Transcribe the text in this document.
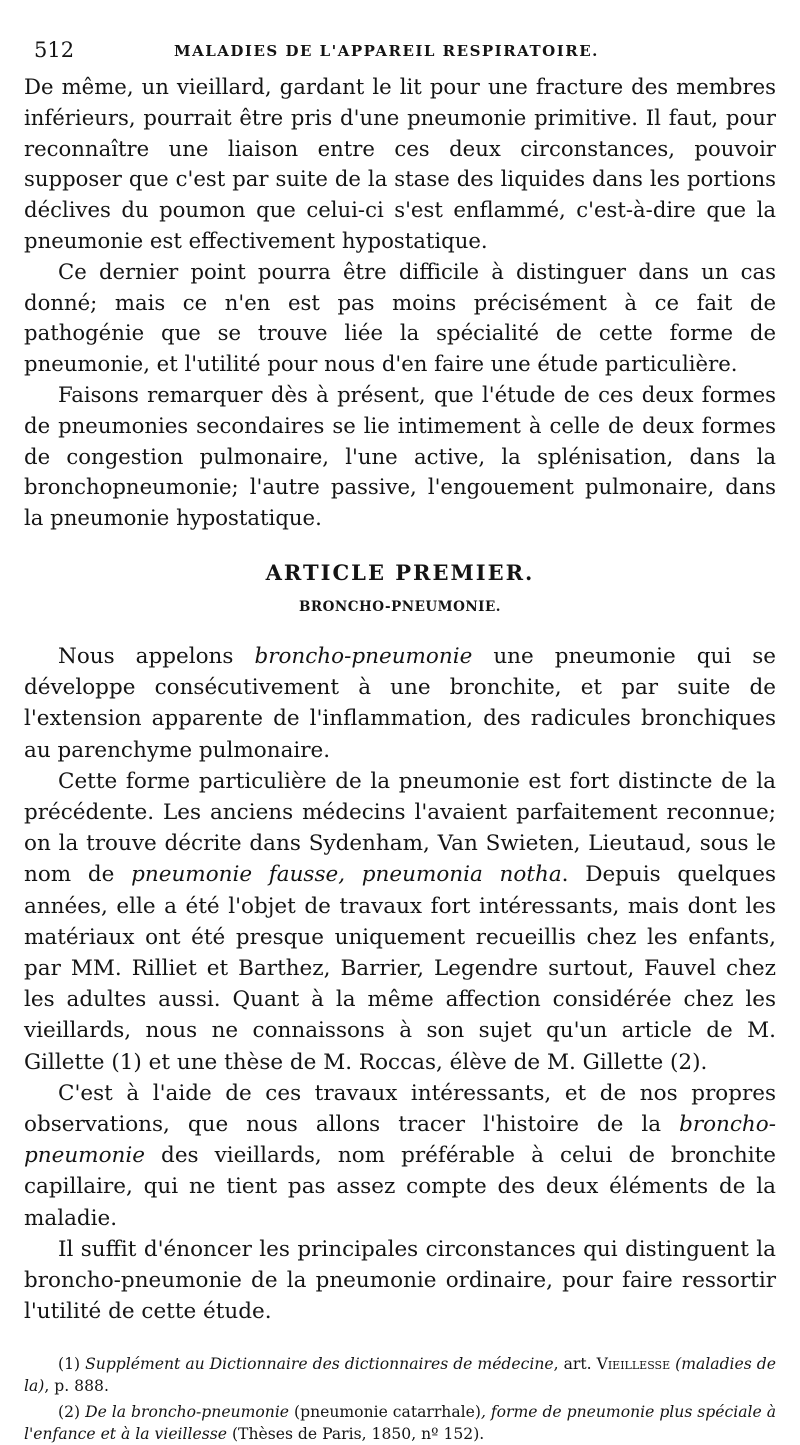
512	MALADIES DE L'APPAREIL RESPIRATOIRE.

De même, un vieillard, gardant le lit pour une fracture des membres inférieurs, pourrait être pris d'une pneumonie primitive. Il faut, pour reconnaître une liaison entre ces deux circonstances, pouvoir supposer que c'est par suite de la stase des liquides dans les portions déclives du poumon que celui-ci s'est enflammé, c'est-à-dire que la pneumonie est effectivement hypostatique.

Ce dernier point pourra être difficile à distinguer dans un cas donné; mais ce n'en est pas moins précisément à ce fait de pathogénie que se trouve liée la spécialité de cette forme de pneumonie, et l'utilité pour nous d'en faire une étude particulière.

Faisons remarquer dès à présent, que l'étude de ces deux formes de pneumonies secondaires se lie intimement à celle de deux formes de congestion pulmonaire, l'une active, la splénisation, dans la bronchopneumonie; l'autre passive, l'engouement pulmonaire, dans la pneumonie hypostatique.

ARTICLE PREMIER.
BRONCHO-PNEUMONIE.

Nous appelons broncho-pneumonie une pneumonie qui se développe consécutivement à une bronchite, et par suite de l'extension apparente de l'inflammation, des radicules bronchiques au parenchyme pulmonaire.

Cette forme particulière de la pneumonie est fort distincte de la précédente. Les anciens médecins l'avaient parfaitement reconnue; on la trouve décrite dans Sydenham, Van Swieten, Lieutaud, sous le nom de pneumonie fausse, pneumonia notha. Depuis quelques années, elle a été l'objet de travaux fort intéressants, mais dont les matériaux ont été presque uniquement recueillis chez les enfants, par MM. Rilliet et Barthez, Barrier, Legendre surtout, Fauvel chez les adultes aussi. Quant à la même affection considérée chez les vieillards, nous ne connaissons à son sujet qu'un article de M. Gillette (1) et une thèse de M. Roccas, élève de M. Gillette (2).

C'est à l'aide de ces travaux intéressants, et de nos propres observations, que nous allons tracer l'histoire de la broncho-pneumonie des vieillards, nom préférable à celui de bronchite capillaire, qui ne tient pas assez compte des deux éléments de la maladie.

Il suffit d'énoncer les principales circonstances qui distinguent la broncho-pneumonie de la pneumonie ordinaire, pour faire ressortir l'utilité de cette étude.

(1) Supplément au Dictionnaire des dictionnaires de médecine, art. Vieillesse (maladies de la), p. 888.

(2) De la broncho-pneumonie (pneumonie catarrhale), forme de pneumonie plus spéciale à l'enfance et à la vieillesse (Thèses de Paris, 1850, nº 152).
